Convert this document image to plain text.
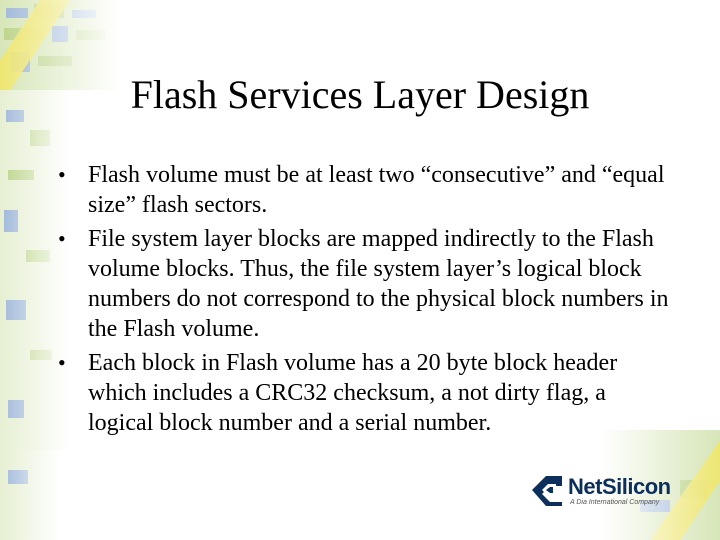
Flash Services Layer Design
• Flash volume must be at least two “consecutive” and “equal size” flash sectors.
• File system layer blocks are mapped indirectly to the Flash volume blocks. Thus, the file system layer’s logical block numbers do not correspond to the physical block numbers in the Flash volume.
• Each block in Flash volume has a 20 byte block header which includes a CRC32 checksum, a not dirty flag, a logical block number and a serial number.
NetSilicon
A Dia International Company
